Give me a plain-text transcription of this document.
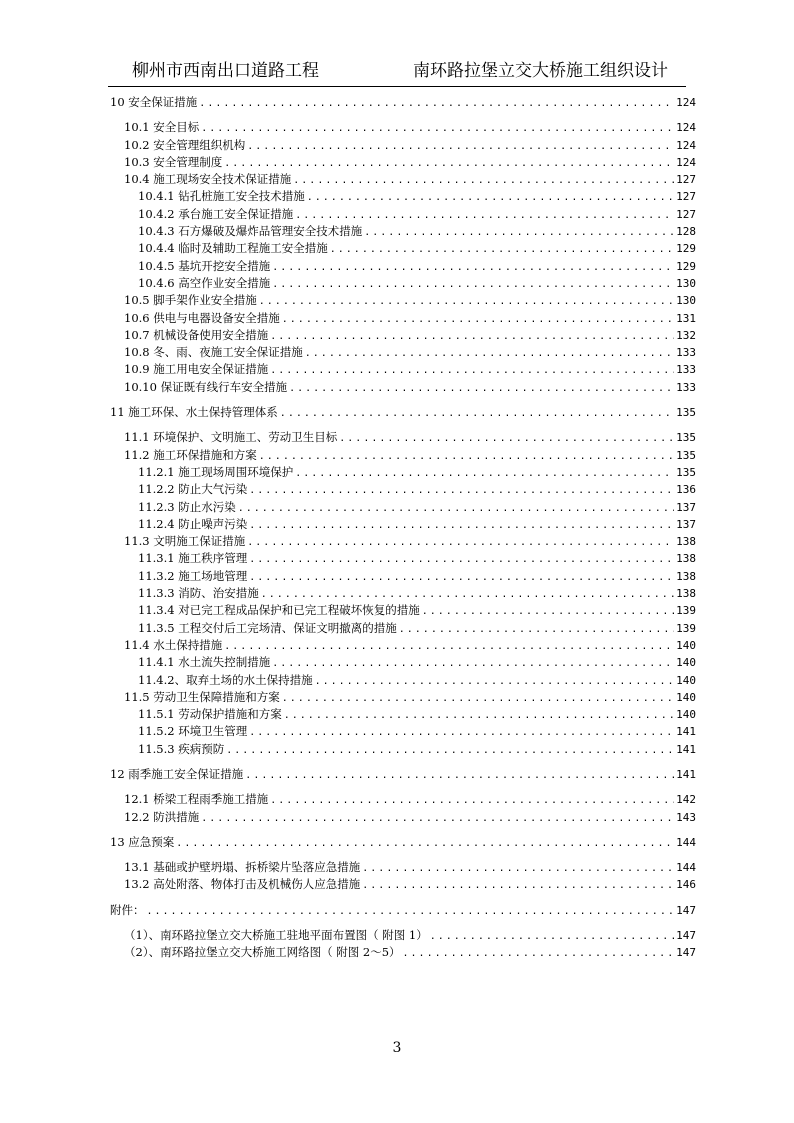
柳州市西南出口道路工程	南环路拉堡立交大桥施工组织设计
10 安全保证措施 .....	124
10.1 安全目标 .....	124
10.2 安全管理组织机构 .....	124
10.3 安全管理制度 .....	124
10.4 施工现场安全技术保证措施 .....	127
10.4.1 钻孔桩施工安全技术措施 .....	127
10.4.2 承台施工安全保证措施 .....	127
10.4.3 石方爆破及爆炸品管理安全技术措施 .....	128
10.4.4 临时及辅助工程施工安全措施 .....	129
10.4.5 基坑开挖安全措施 .....	129
10.4.6 高空作业安全措施 .....	130
10.5 脚手架作业安全措施 .....	130
10.6 供电与电器设备安全措施 .....	131
10.7 机械设备使用安全措施 .....	132
10.8 冬、雨、夜施工安全保证措施 .....	133
10.9 施工用电安全保证措施 .....	133
10.10 保证既有线行车安全措施 .....	133
11 施工环保、水土保持管理体系 .....	135
11.1 环境保护、文明施工、劳动卫生目标 .....	135
11.2 施工环保措施和方案 .....	135
11.2.1 施工现场周围环境保护 .....	135
11.2.2 防止大气污染 .....	136
11.2.3 防止水污染 .....	137
11.2.4 防止噪声污染 .....	137
11.3 文明施工保证措施 .....	138
11.3.1 施工秩序管理 .....	138
11.3.2 施工场地管理 .....	138
11.3.3 消防、治安措施 .....	138
11.3.4 对已完工程成品保护和已完工程破坏恢复的措施 .....	139
11.3.5 工程交付后工完场清、保证文明撤离的措施 .....	139
11.4 水土保持措施 .....	140
11.4.1 水土流失控制措施 .....	140
11.4.2、取弃土场的水土保持措施 .....	140
11.5 劳动卫生保障措施和方案 .....	140
11.5.1 劳动保护措施和方案 .....	140
11.5.2 环境卫生管理 .....	141
11.5.3 疾病预防 .....	141
12 雨季施工安全保证措施 .....	141
12.1 桥梁工程雨季施工措施 .....	142
12.2 防洪措施 .....	143
13 应急预案 .....	144
13.1 基础或护壁坍塌、拆桥梁片坠落应急措施 .....	144
13.2 高处附落、物体打击及机械伤人应急措施 .....	146
附件： .....	147
（1）、南环路拉堡立交大桥施工驻地平面布置图（ 附图 1） .....	147
（2）、南环路拉堡立交大桥施工网络图（ 附图 2～5） .....	147
3
